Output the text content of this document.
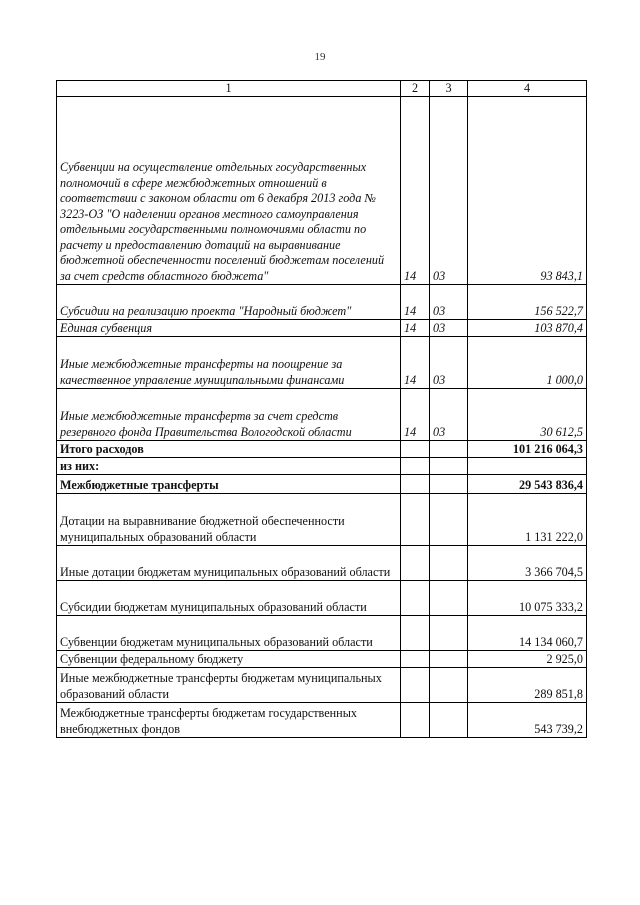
19
1	2	3	4
Субвенции на осуществление отдельных государственных полномочий в сфере межбюджетных отношений в соответствии с законом области от 6 декабря 2013 года № 3223-ОЗ "О наделении органов местного самоуправления отдельными государственными полномочиями области по расчету и предоставлению дотаций на выравнивание бюджетной обеспеченности поселений бюджетам поселений за счет средств областного бюджета"	14	03	93 843,1
Субсидии на реализацию проекта "Народный бюджет"	14	03	156 522,7
Единая субвенция	14	03	103 870,4
Иные межбюджетные трансферты на поощрение за качественное управление муниципальными финансами	14	03	1 000,0
Иные межбюджетные трансфертв за счет средств резервного фонда Правительства Вологодской области	14	03	30 612,5
Итого расходов			101 216 064,3
из них:			
Межбюджетные трансферты			29 543 836,4
Дотации на выравнивание бюджетной обеспеченности муниципальных образований области			1 131 222,0
Иные дотации бюджетам муниципальных образований области			3 366 704,5
Субсидии бюджетам муниципальных образований области			10 075 333,2
Субвенции бюджетам муниципальных образований области			14 134 060,7
Субвенции федеральному бюджету			2 925,0
Иные межбюджетные трансферты бюджетам муниципальных образований области			289 851,8
Межбюджетные трансферты бюджетам государственных внебюджетных фондов			543 739,2
